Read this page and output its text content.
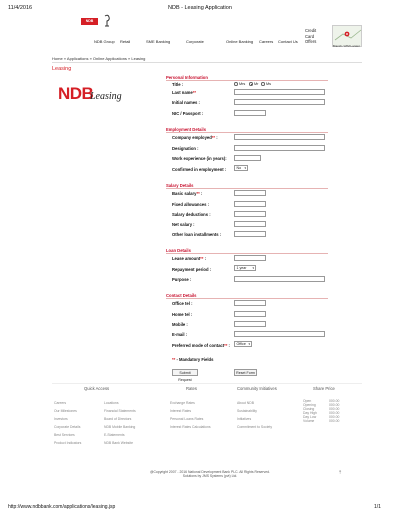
11/4/2016	NDB - Leasing Application
NDB
NDB Group Retail	SME Banking	Corporate	Online Banking Careers Contact Us
Credit
Card
Offers
Branch / ATM Locator
Home » Applications » Online Applications » Leasing
Leasing
NDB
Leasing
Personal Information
Title :	Mrs Mr Ms
Last name**
Initial names :
NIC / Passport :
Employment Details
Company employed** :
Designation :
Work experience (in years):
Confirmed in employment :	No ▾
Salary Details
Basic salary** :
Fixed allowances :
Salary deductions :
Net salary :
Other loan installments :
Loan Details
Lease amount** :
Repayment period :	1 year ▾
Purpose :
Contact Details
Office tel :
Home tel :
Mobile :
E-mail :
Preferred mode of contact** :	Office ▾
** - Mandatory Fields
Submit Request
Reset Form
Quick Access	Rates	Community Initiatives	Share Price
Careers
Our Milestones
Investors
Corporate Details
Best Services
Product Indicators
Locations
Financial Statements
Board of Directors
NDB Mobile Banking
E-Statements
NDB Bank Website
Exchange Rates
Interest Rates
Personal Loans Rates
Interest Rates Calculations
About NDB
Sustainability
Initiatives
Commitment to Society
Open	000.00
Opening	000.00
Closing	000.00
Day High	000.00
Day Low	000.00
Volume	000.00
@Copyright 2007 - 2016 National Development Bank PLC. All Rights Reserved.
Solutions by JMS Systems (pvt) Ltd.	⇡
http://www.ndbbank.com/applications/leasing.jsp	1/1
